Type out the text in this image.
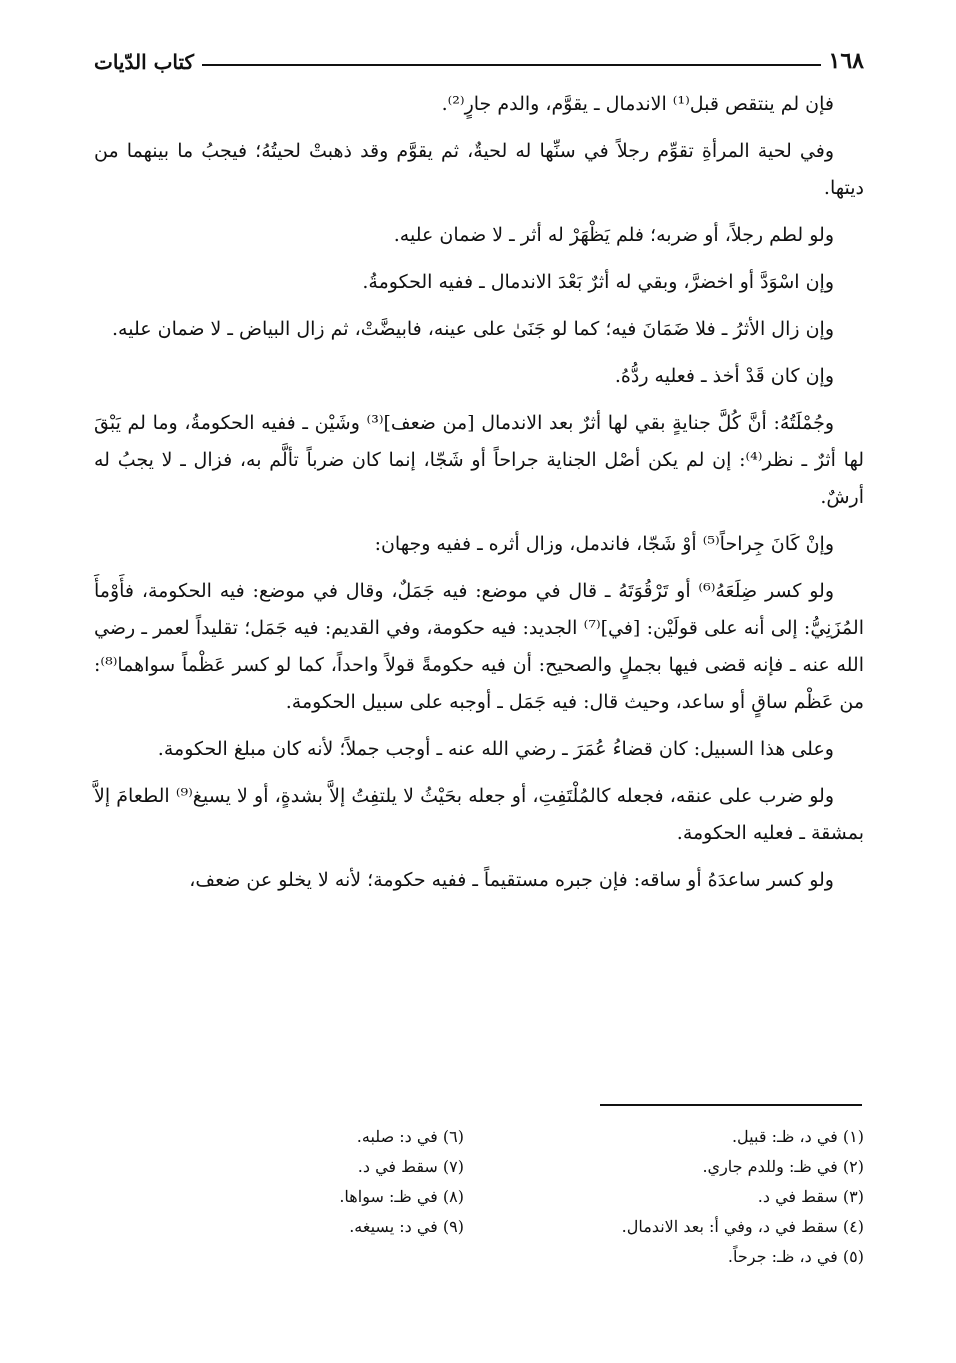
١٦٨
كتاب الدّيات

فإن لم ينتقص قبل⁽¹⁾ الاندمال ـ يقوَّم، والدم جارٍ⁽²⁾.

وفي لحية المرأةِ تقوِّم رجلاً في سنِّها له لحيةٌ، ثم يقوَّم وقد ذهبتْ لحيتُهُ؛ فيجبُ ما بينهما من ديتها.

ولو لطم رجلاً، أو ضربه؛ فلم يَظْهَرْ له أثر ـ لا ضمان عليه.

وإن اسْوَدَّ أو اخضرَّ، وبقي له أثرٌ بَعْدَ الاندمال ـ ففيه الحكومةُ.

وإن زال الأثرُ ـ فلا ضَمَانَ فيه؛ كما لو جَنَىٰ على عينه، فابيضَّتْ، ثم زال البياض ـ لا ضمان عليه.

وإن كان قَدْ أخذ ـ فعليه ردُّهُ.

وجُمْلَتُهُ: أنَّ كُلَّ جنايةٍ بقي لها أثرٌ بعد الاندمال [من ضعف]⁽³⁾ وشَيْن ـ ففيه الحكومةُ، وما لم يَبْقَ لها أثرٌ ـ نظر⁽⁴⁾: إن لم يكن أصْل الجناية جراحاً أو شَجّا، إنما كان ضرباً تألَّم به، فزال ـ لا يجبُ له أرشٌ.

وإنْ كَانَ جِراحاً⁽⁵⁾ أوْ شَجّا، فاندمل، وزال أثره ـ ففيه وجهان:

ولو كسر ضِلَعَهُ⁽⁶⁾ أو تَرْقُوَتَهُ ـ قال في موضع: فيه جَمَلٌ، وقال في موضع: فيه الحكومة، فأَوْمأَ المُزَنِيُّ: إلى أنه على قولَيْن: [في]⁽⁷⁾ الجديد: فيه حكومة، وفي القديم: فيه جَمَل؛ تقليداً لعمر ـ رضي الله عنه ـ فإنه قضى فيها بجملٍ والصحيح: أن فيه حكومةً قولاً واحداً، كما لو كسر عَظْماً سواهما⁽⁸⁾: من عَظْم ساقٍ أو ساعد، وحيث قال: فيه جَمَل ـ أوجبه على سبيل الحكومة.

وعلى هذا السبيل: كان قضاءُ عُمَرَ ـ رضي الله عنه ـ أوجب جملاً؛ لأنه كان مبلغ الحكومة.

ولو ضرب على عنقه، فجعله كالمُلْتَفِتِ، أو جعله بحَيْثُ لا يلتفِتُ إلاَّ بشدةٍ، أو لا يسيغ⁽⁹⁾ الطعامَ إلاَّ بمشقة ـ فعليه الحكومة.

ولو كسر ساعدَهُ أو ساقه: فإن جبره مستقيماً ـ ففيه حكومة؛ لأنه لا يخلو عن ضعف،

(١) في د، ظـ: قبيل.
(٢) في ظـ: وللدم جاري.
(٣) سقط في د.
(٤) سقط في د، وفي أ: بعد الاندمال.
(٥) في د، ظـ: جرحاً.
(٦) في د: صلبه.
(٧) سقط في د.
(٨) في ظـ: سواها.
(٩) في د: يسيغه.
